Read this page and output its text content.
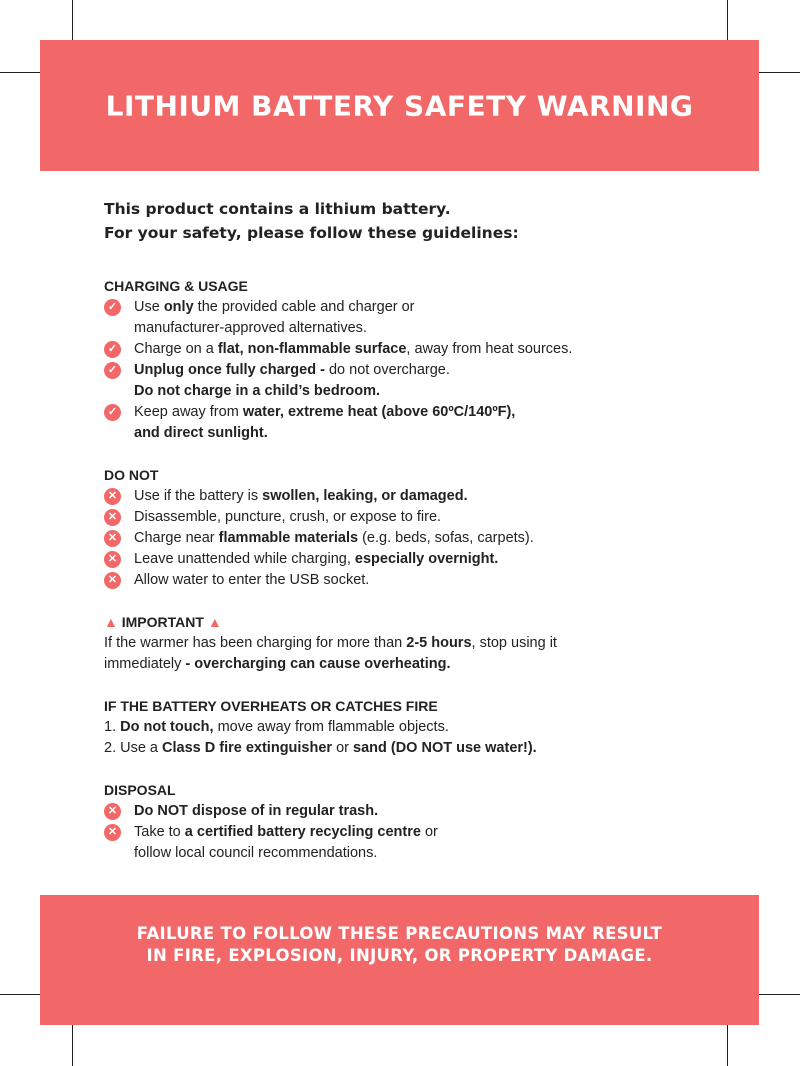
LITHIUM BATTERY SAFETY WARNING
This product contains a lithium battery.
For your safety, please follow these guidelines:
CHARGING & USAGE
✓ Use only the provided cable and charger or
manufacturer-approved alternatives.
✓ Charge on a flat, non-flammable surface, away from heat sources.
✓ Unplug once fully charged - do not overcharge.
Do not charge in a child’s bedroom.
✓ Keep away from water, extreme heat (above 60ºC/140ºF),
and direct sunlight.
DO NOT
✕ Use if the battery is swollen, leaking, or damaged.
✕ Disassemble, puncture, crush, or expose to fire.
✕ Charge near flammable materials (e.g. beds, sofas, carpets).
✕ Leave unattended while charging, especially overnight.
✕ Allow water to enter the USB socket.
▲ IMPORTANT ▲
If the warmer has been charging for more than 2-5 hours, stop using it
immediately - overcharging can cause overheating.
IF THE BATTERY OVERHEATS OR CATCHES FIRE
1. Do not touch, move away from flammable objects.
2. Use a Class D fire extinguisher or sand (DO NOT use water!).
DISPOSAL
✕ Do NOT dispose of in regular trash.
✕ Take to a certified battery recycling centre or
follow local council recommendations.
FAILURE TO FOLLOW THESE PRECAUTIONS MAY RESULT
IN FIRE, EXPLOSION, INJURY, OR PROPERTY DAMAGE.
